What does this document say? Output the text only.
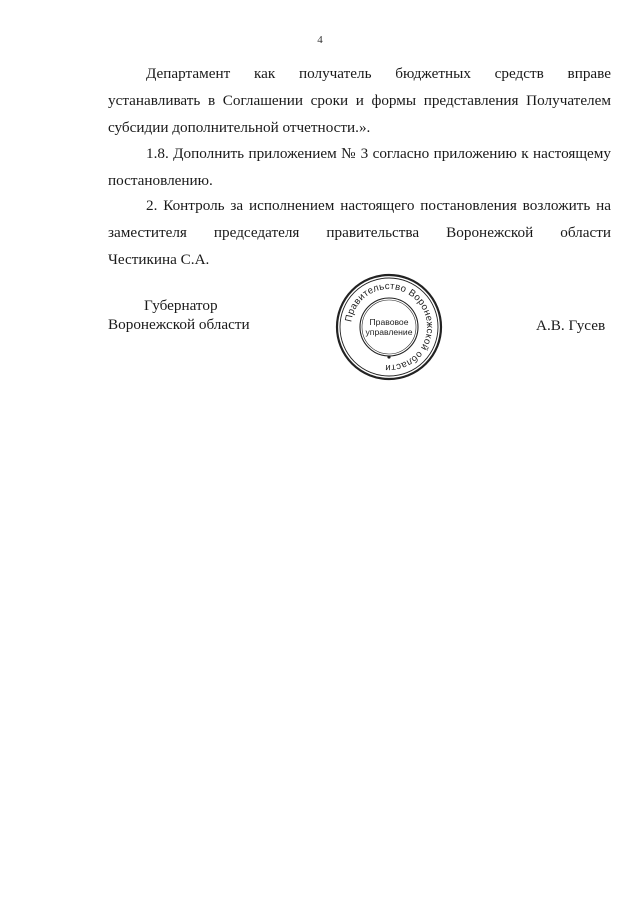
4
Департамент как получатель бюджетных средств вправе
устанавливать в Соглашении сроки и формы представления Получателем
субсидии дополнительной отчетности.».
1.8. Дополнить приложением № 3 согласно приложению к настоящему
постановлению.
2. Контроль за исполнением настоящего постановления возложить на
заместителя председателя правительства Воронежской области
Честикина С.А.
Губернатор
Воронежской области	Правительство Воронежской области
Правовое
управление	А.В. Гусев
